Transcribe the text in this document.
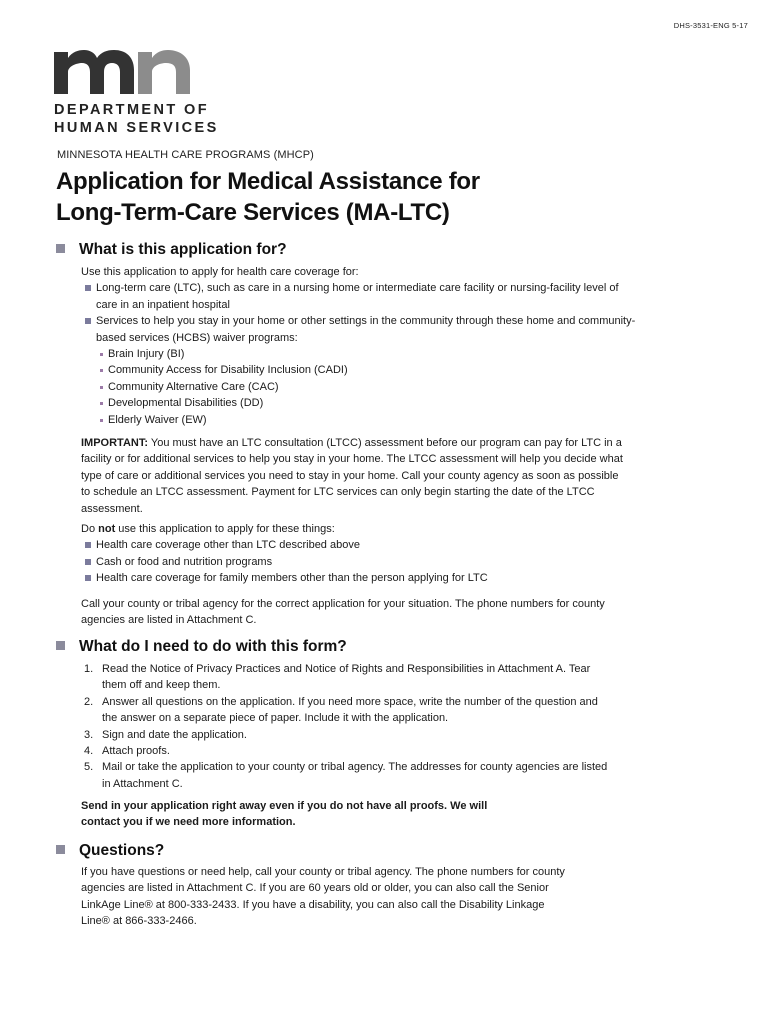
DHS-3531-ENG 5-17
DEPARTMENT OF
HUMAN SERVICES
MINNESOTA HEALTH CARE PROGRAMS (MHCP)
Application for Medical Assistance for
Long-Term-Care Services (MA-LTC)
What is this application for?

Use this application to apply for health care coverage for:

Long-term care (LTC), such as care in a nursing home or intermediate care facility or nursing-facility level of care in an inpatient hospital
Services to help you stay in your home or other settings in the community through these home and community-based services (HCBS) waiver programs:
Brain Injury (BI)
Community Access for Disability Inclusion (CADI)
Community Alternative Care (CAC)
Developmental Disabilities (DD)
Elderly Waiver (EW)

IMPORTANT: You must have an LTC consultation (LTCC) assessment before our program can pay for LTC in a facility or for additional services to help you stay in your home. The LTCC assessment will help you decide what type of care or additional services you need to stay in your home. Call your county agency as soon as possible to schedule an LTCC assessment. Payment for LTC services can only begin starting the date of the LTCC assessment.

Do not use this application to apply for these things:

Health care coverage other than LTC described above
Cash or food and nutrition programs
Health care coverage for family members other than the person applying for LTC
Call your county or tribal agency for the correct application for your situation. The phone numbers for county agencies are listed in Attachment C.
What do I need to do with this form?
1. Read the Notice of Privacy Practices and Notice of Rights and Responsibilities in Attachment A. Tear them off and keep them.
2. Answer all questions on the application. If you need more space, write the number of the question and the answer on a separate piece of paper. Include it with the application.
3. Sign and date the application.
4. Attach proofs.
5. Mail or take the application to your county or tribal agency. The addresses for county agencies are listed in Attachment C.

Send in your application right away even if you do not have all proofs. We will contact you if we need more information.

Questions?
If you have questions or need help, call your county or tribal agency. The phone numbers for county agencies are listed in Attachment C. If you are 60 years old or older, you can also call the Senior LinkAge Line® at 800-333-2433. If you have a disability, you can also call the Disability Linkage Line® at 866-333-2466.
